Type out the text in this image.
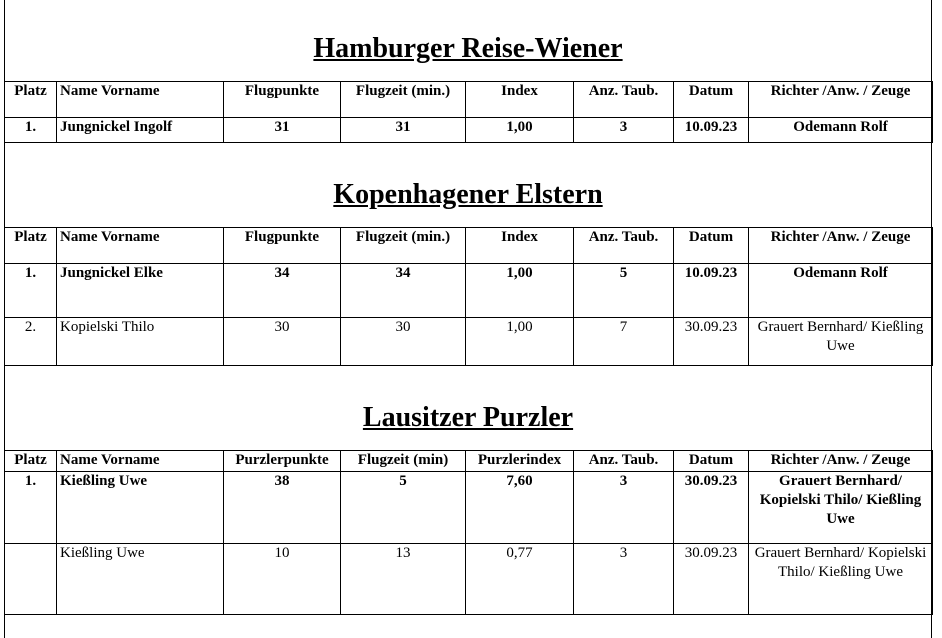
Hamburger Reise-Wiener
Platz	Name Vorname	Flugpunkte	Flugzeit (min.)	Index	Anz. Taub.	Datum	Richter /Anw. / Zeuge
1.	Jungnickel Ingolf	31	31	1,00	3	10.09.23	Odemann Rolf
Kopenhagener Elstern
Platz	Name Vorname	Flugpunkte	Flugzeit (min.)	Index	Anz. Taub.	Datum	Richter /Anw. / Zeuge
1.	Jungnickel Elke	34	34	1,00	5	10.09.23	Odemann Rolf
2.	Kopielski Thilo	30	30	1,00	7	30.09.23	Grauert Bernhard/ Kießling Uwe
Lausitzer Purzler
Platz	Name Vorname	Purzlerpunkte	Flugzeit (min)	Purzlerindex	Anz. Taub.	Datum	Richter /Anw. / Zeuge
1.	Kießling Uwe	38	5	7,60	3	30.09.23	Grauert Bernhard/ Kopielski Thilo/ Kießling Uwe
	Kießling Uwe	10	13	0,77	3	30.09.23	Grauert Bernhard/ Kopielski Thilo/ Kießling Uwe
